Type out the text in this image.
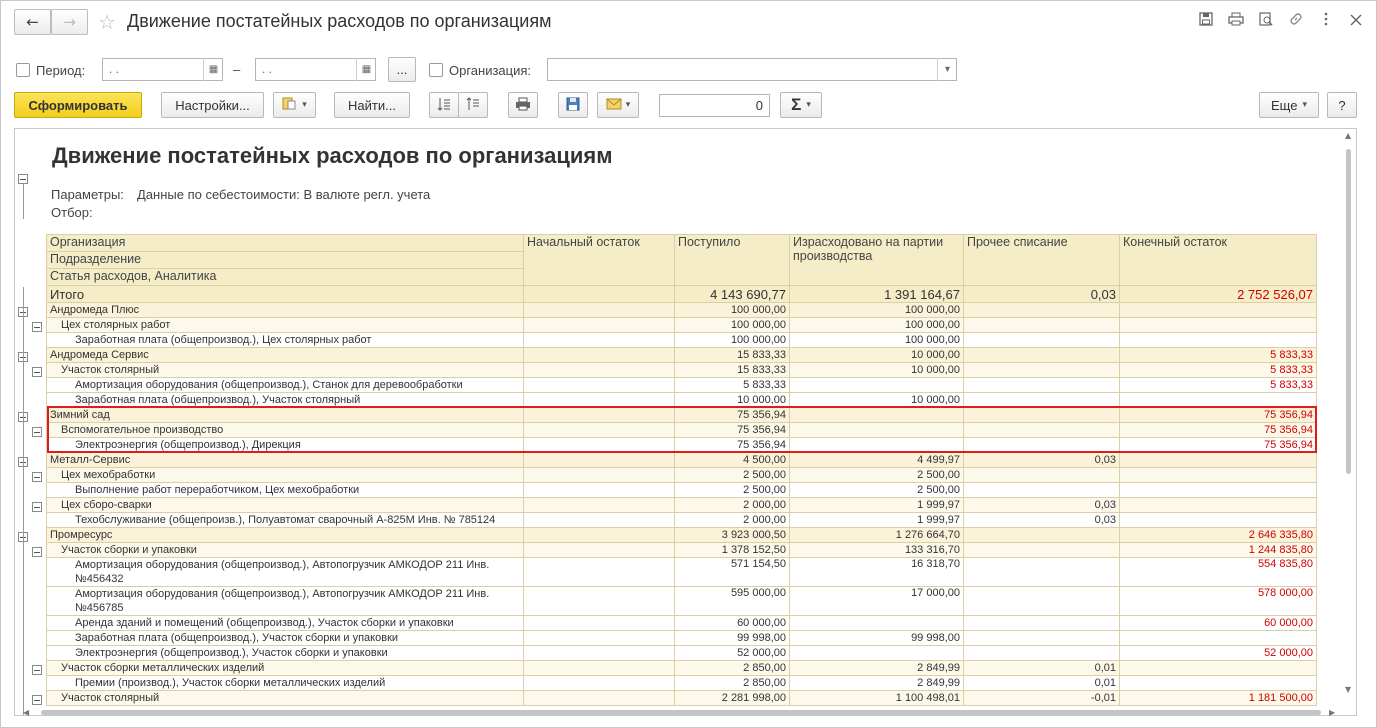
← → ☆ Движение постатейных расходов по организациям
Период:	. .	▦	–	. .	▦	...	Организация:	▾
Сформировать	Настройки...	▾	Найти...	▾	0	Σ ▾	Еще ▾ ?
Движение постатейных расходов по организациям
Параметры: Данные по себестоимости: В валюте регл. учета
Отбор:
Организация	Начальный остаток	Поступило	Израсходовано на партии производства	Прочее списание	Конечный остаток
Подразделение					
Статья расходов, Аналитика					
Итого		4 143 690,77	1 391 164,67	0,03	2 752 526,07
Андромеда Плюс		100 000,00	100 000,00		
Цех столярных работ		100 000,00	100 000,00		
Заработная плата (общепроизвод.), Цех столярных работ		100 000,00	100 000,00		
Андромеда Сервис		15 833,33	10 000,00		5 833,33
Участок столярный		15 833,33	10 000,00		5 833,33
Амортизация оборудования (общепроизвод.), Станок для деревообработки		5 833,33			5 833,33
Заработная плата (общепроизвод.), Участок столярный		10 000,00	10 000,00		
Зимний сад		75 356,94			75 356,94
Вспомогательное производство		75 356,94			75 356,94
Электроэнергия (общепроизвод.), Дирекция		75 356,94			75 356,94
Металл-Сервис		4 500,00	4 499,97	0,03	
Цех мехобработки		2 500,00	2 500,00		
Выполнение работ переработчиком, Цех мехобработки		2 500,00	2 500,00		
Цех сборо-сварки		2 000,00	1 999,97	0,03	
Техобслуживание (общепроизв.), Полуавтомат сварочный А-825М Инв. № 785124		2 000,00	1 999,97	0,03	
Промресурс		3 923 000,50	1 276 664,70		2 646 335,80
Участок сборки и упаковки		1 378 152,50	133 316,70		1 244 835,80
Амортизация оборудования (общепроизвод.), Автопогрузчик АМКОДОР 211 Инв. №456432		571 154,50	16 318,70		554 835,80
Амортизация оборудования (общепроизвод.), Автопогрузчик АМКОДОР 211 Инв. №456785		595 000,00	17 000,00		578 000,00
Аренда зданий и помещений (общепроизвод.), Участок сборки и упаковки		60 000,00			60 000,00
Заработная плата (общепроизвод.), Участок сборки и упаковки		99 998,00	99 998,00		
Электроэнергия (общепроизвод.), Участок сборки и упаковки		52 000,00			52 000,00
Участок сборки металлических изделий		2 850,00	2 849,99	0,01	
Премии (производ.), Участок сборки металлических изделий		2 850,00	2 849,99	0,01	
Участок столярный		2 281 998,00	1 100 498,01	-0,01	1 181 500,00
▲
▼
◀	▶
